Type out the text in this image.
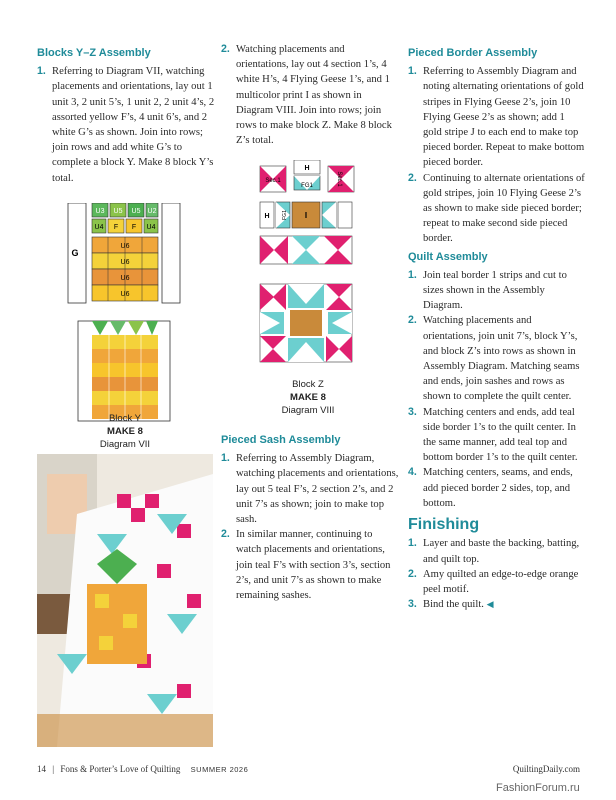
Blocks Y–Z Assembly
1. Referring to Diagram VII, watching placements and orientations, lay out 1 unit 3, 2 unit 5’s, 1 unit 2, 2 unit 4’s, 2 assorted yellow F’s, 4 unit 6’s, and 2 white G’s as shown. Join into rows; join rows and add white G’s to complete a block Y. Make 8 block Y’s total.
G
U3 U5 U5 U2
U4 F F U4
U6
U6
U6
U6
Block Y
MAKE 8
Diagram VII
2. Watching placements and orientations, lay out 4 section 1’s, 4 white H’s, 4 Flying Geese 1’s, and 1 multicolor print I as shown in Diagram VIII. Join into rows; join rows to make block Z. Make 8 block Z’s total.
Sec.1
H
FG1	Sec.1
H FG1 I
Block Z
MAKE 8
Diagram VIII
Pieced Sash Assembly
1. Referring to Assembly Diagram, watching placements and orientations, lay out 5 teal F’s, 2 section 2’s, and 2 unit 7’s as shown; join to make top sash.
2. In similar manner, continuing to watch placements and orientations, join teal F’s with section 3’s, section 2’s, and unit 7’s as shown to make remaining sashes.
Pieced Border Assembly
1. Referring to Assembly Diagram and noting alternating orientations of gold stripes in Flying Geese 2’s, join 10 Flying Geese 2’s as shown; add 1 gold stripe J to each end to make top pieced border. Repeat to make bottom pieced border.
2. Continuing to alternate orientations of gold stripes, join 10 Flying Geese 2’s as shown to make side pieced border; repeat to make second side pieced border.
Quilt Assembly
1. Join teal border 1 strips and cut to sizes shown in the Assembly Diagram.
2. Watching placements and orientations, join unit 7’s, block Y’s, and block Z’s into rows as shown in Assembly Diagram. Matching seams and ends, join sashes and rows as shown to complete the quilt center.
3. Matching centers and ends, add teal side border 1’s to the quilt center. In the same manner, add teal top and bottom border 1’s to the quilt center.
4. Matching centers, seams, and ends, add pieced border 2 sides, top, and bottom.
Finishing
1. Layer and baste the backing, batting, and quilt top.
2. Amy quilted an edge-to-edge orange peel motif.
3. Bind the quilt. ◀
14 | Fons & Porter’s Love of Quilting SUMMER 2026	QuiltingDaily.com
FashionForum.ru
